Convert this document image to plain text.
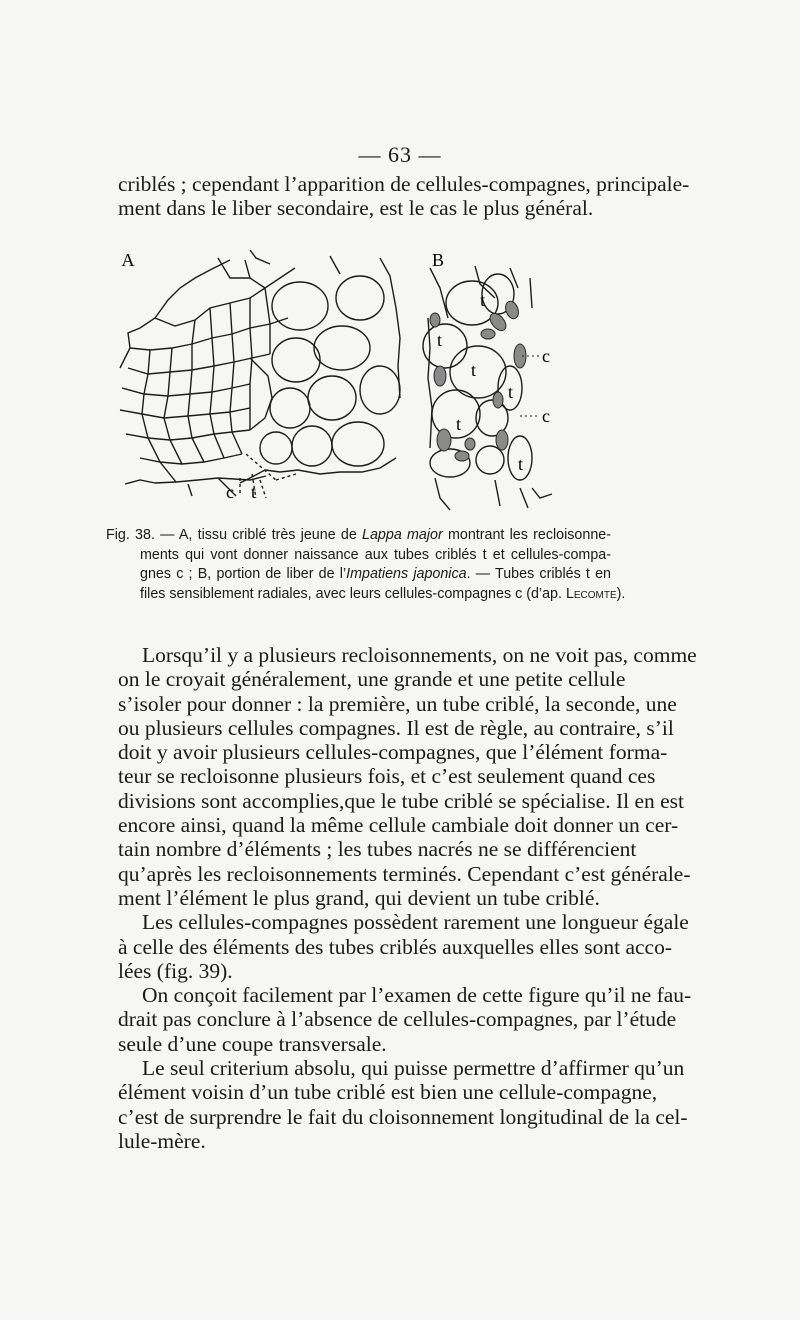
— 63 —
criblés ; cependant l’apparition de cellules-compagnes, principale-
ment dans le liber secondaire, est le cas le plus général.
A	B
c t
t
t
t
t
t
t
c
c
Fig. 38. — A, tissu criblé très jeune de Lappa major montrant les recloisonne-
ments qui vont donner naissance aux tubes criblés t et cellules-compa-
gnes c ; B, portion de liber de l’Impatiens japonica. — Tubes criblés t en
files sensiblement radiales, avec leurs cellules-compagnes c (d’ap. Lecomte).
Lorsqu’il y a plusieurs recloisonnements, on ne voit pas, comme
on le croyait généralement, une grande et une petite cellule
s’isoler pour donner : la première, un tube criblé, la seconde, une
ou plusieurs cellules compagnes. Il est de règle, au contraire, s’il
doit y avoir plusieurs cellules-compagnes, que l’élément forma-
teur se recloisonne plusieurs fois, et c’est seulement quand ces
divisions sont accomplies,que le tube criblé se spécialise. Il en est
encore ainsi, quand la même cellule cambiale doit donner un cer-
tain nombre d’éléments ; les tubes nacrés ne se différencient
qu’après les recloisonnements terminés. Cependant c’est générale-
ment l’élément le plus grand, qui devient un tube criblé.
Les cellules-compagnes possèdent rarement une longueur égale
à celle des éléments des tubes criblés auxquelles elles sont acco-
lées (fig. 39).
On conçoit facilement par l’examen de cette figure qu’il ne fau-
drait pas conclure à l’absence de cellules-compagnes, par l’étude
seule d’une coupe transversale.
Le seul criterium absolu, qui puisse permettre d’affirmer qu’un
élément voisin d’un tube criblé est bien une cellule-compagne,
c’est de surprendre le fait du cloisonnement longitudinal de la cel-
lule-mère.
